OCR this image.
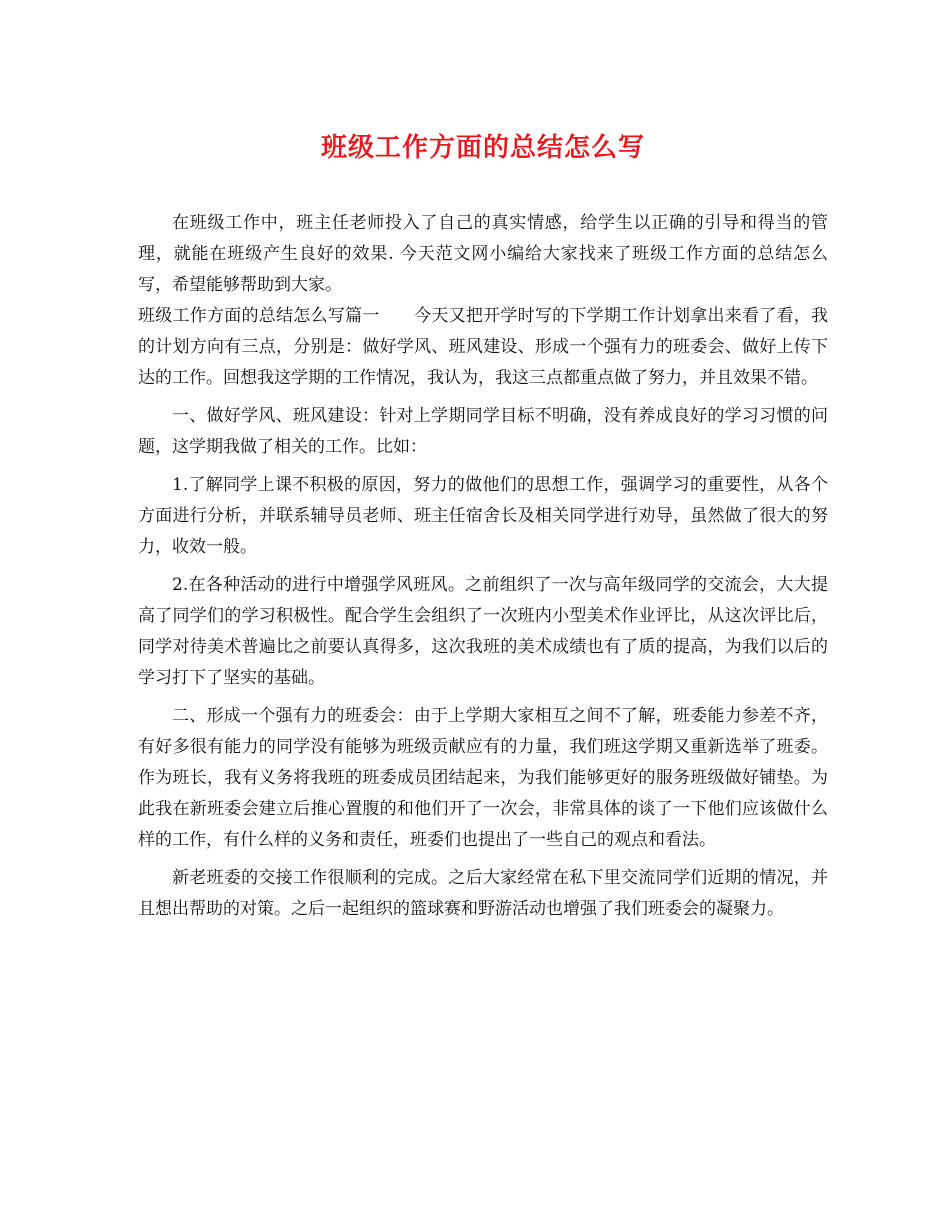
班级工作方面的总结怎么写

在班级工作中，班主任老师投入了自己的真实情感，给学生以正确的引导和得当的管理，就能在班级产生良好的效果. 今天范文网小编给大家找来了班级工作方面的总结怎么写，希望能够帮助到大家。

班级工作方面的总结怎么写篇一　　今天又把开学时写的下学期工作计划拿出来看了看，我的计划方向有三点，分别是：做好学风、班风建设、形成一个强有力的班委会、做好上传下达的工作。回想我这学期的工作情况，我认为，我这三点都重点做了努力，并且效果不错。

一、做好学风、班风建设：针对上学期同学目标不明确，没有养成良好的学习习惯的问题，这学期我做了相关的工作。比如：

1.了解同学上课不积极的原因，努力的做他们的思想工作，强调学习的重要性，从各个方面进行分析，并联系辅导员老师、班主任宿舍长及相关同学进行劝导，虽然做了很大的努力，收效一般。

2.在各种活动的进行中增强学风班风。之前组织了一次与高年级同学的交流会，大大提高了同学们的学习积极性。配合学生会组织了一次班内小型美术作业评比，从这次评比后，同学对待美术普遍比之前要认真得多，这次我班的美术成绩也有了质的提高，为我们以后的学习打下了坚实的基础。

二、形成一个强有力的班委会：由于上学期大家相互之间不了解，班委能力参差不齐，有好多很有能力的同学没有能够为班级贡献应有的力量，我们班这学期又重新选举了班委。作为班长，我有义务将我班的班委成员团结起来，为我们能够更好的服务班级做好铺垫。为此我在新班委会建立后推心置腹的和他们开了一次会，非常具体的谈了一下他们应该做什么样的工作，有什么样的义务和责任，班委们也提出了一些自己的观点和看法。

新老班委的交接工作很顺利的完成。之后大家经常在私下里交流同学们近期的情况，并且想出帮助的对策。之后一起组织的篮球赛和野游活动也增强了我们班委会的凝聚力。
